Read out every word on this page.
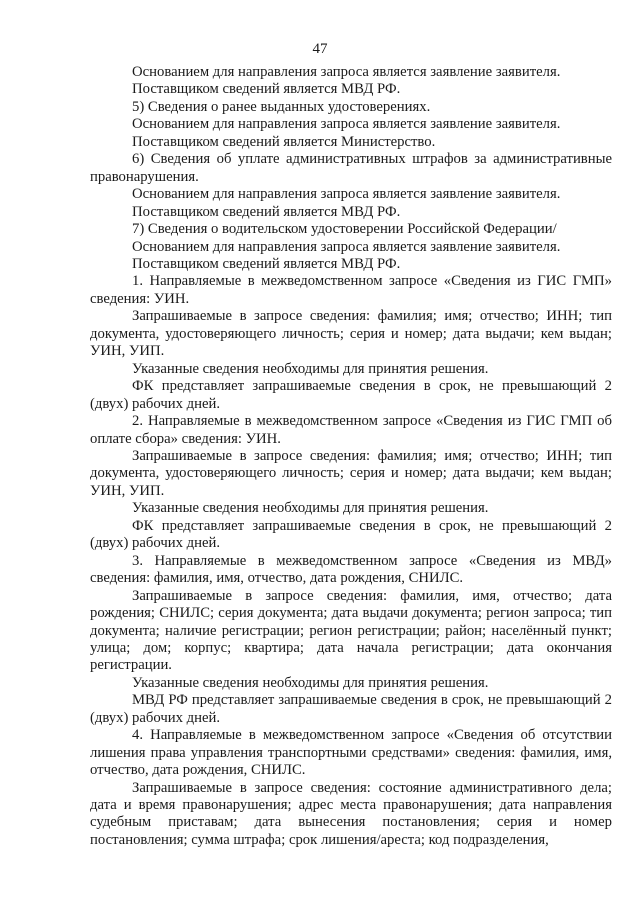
47

Основанием для направления запроса является заявление заявителя.

Поставщиком сведений является МВД РФ.

5) Сведения о ранее выданных удостоверениях.

Основанием для направления запроса является заявление заявителя.

Поставщиком сведений является Министерство.

6) Сведения об уплате административных штрафов за административные правонарушения.

Основанием для направления запроса является заявление заявителя.

Поставщиком сведений является МВД РФ.

7) Сведения о водительском удостоверении Российской Федерации/

Основанием для направления запроса является заявление заявителя.

Поставщиком сведений является МВД РФ.

1. Направляемые в межведомственном запросе «Сведения из ГИС ГМП» сведения: УИН.

Запрашиваемые в запросе сведения: фамилия; имя; отчество; ИНН; тип документа, удостоверяющего личность; серия и номер; дата выдачи; кем выдан; УИН, УИП.

Указанные сведения необходимы для принятия решения.

ФК представляет запрашиваемые сведения в срок, не превышающий 2 (двух) рабочих дней.

2. Направляемые в межведомственном запросе «Сведения из ГИС ГМП об оплате сбора» сведения: УИН.

Запрашиваемые в запросе сведения: фамилия; имя; отчество; ИНН; тип документа, удостоверяющего личность; серия и номер; дата выдачи; кем выдан; УИН, УИП.

Указанные сведения необходимы для принятия решения.

ФК представляет запрашиваемые сведения в срок, не превышающий 2 (двух) рабочих дней.

3. Направляемые в межведомственном запросе «Сведения из МВД» сведения: фамилия, имя, отчество, дата рождения, СНИЛС.

Запрашиваемые в запросе сведения: фамилия, имя, отчество; дата рождения; СНИЛС; серия документа; дата выдачи документа; регион запроса; тип документа; наличие регистрации; регион регистрации; район; населённый пункт; улица; дом; корпус; квартира; дата начала регистрации; дата окончания регистрации.

Указанные сведения необходимы для принятия решения.

МВД РФ представляет запрашиваемые сведения в срок, не превышающий 2 (двух) рабочих дней.

4. Направляемые в межведомственном запросе «Сведения об отсутствии лишения права управления транспортными средствами» сведения: фамилия, имя, отчество, дата рождения, СНИЛС.

Запрашиваемые в запросе сведения: состояние административного дела; дата и время правонарушения; адрес места правонарушения; дата направления судебным приставам; дата вынесения постановления; серия и номер постановления; сумма штрафа; срок лишения/ареста; код подразделения,
